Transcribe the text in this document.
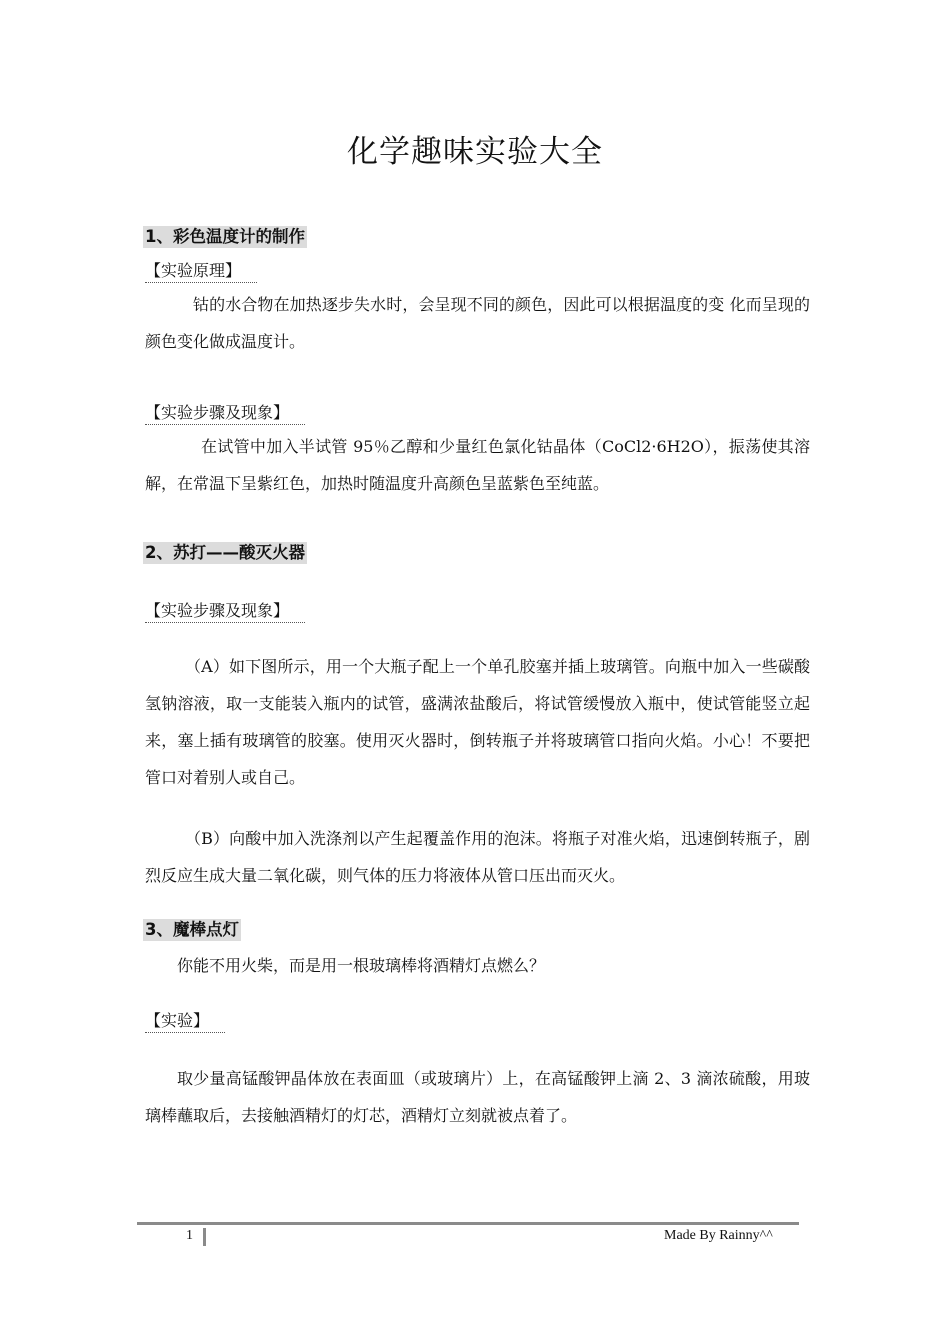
化学趣味实验大全
1、彩色温度计的制作
【实验原理】
钴的水合物在加热逐步失水时，会呈现不同的颜色，因此可以根据温度的变 化而呈现的颜色变化做成温度计。
【实验步骤及现象】
在试管中加入半试管 95％乙醇和少量红色氯化钴晶体（CoCl2·6H2O），振荡使其溶解，在常温下呈紫红色，加热时随温度升高颜色呈蓝紫色至纯蓝。
2、苏打——酸灭火器
【实验步骤及现象】
（A）如下图所示，用一个大瓶子配上一个单孔胶塞并插上玻璃管。向瓶中加入一些碳酸氢钠溶液，取一支能装入瓶内的试管，盛满浓盐酸后，将试管缓慢放入瓶中，使试管能竖立起来，塞上插有玻璃管的胶塞。使用灭火器时，倒转瓶子并将玻璃管口指向火焰。小心！不要把管口对着别人或自己。
（B）向酸中加入洗涤剂以产生起覆盖作用的泡沫。将瓶子对准火焰，迅速倒转瓶子，剧烈反应生成大量二氧化碳，则气体的压力将液体从管口压出而灭火。
3、魔棒点灯
你能不用火柴，而是用一根玻璃棒将酒精灯点燃么？
【实验】
取少量高锰酸钾晶体放在表面皿（或玻璃片）上，在高锰酸钾上滴 2、3 滴浓硫酸，用玻璃棒蘸取后，去接触酒精灯的灯芯，酒精灯立刻就被点着了。
1	Made By Rainny^^
